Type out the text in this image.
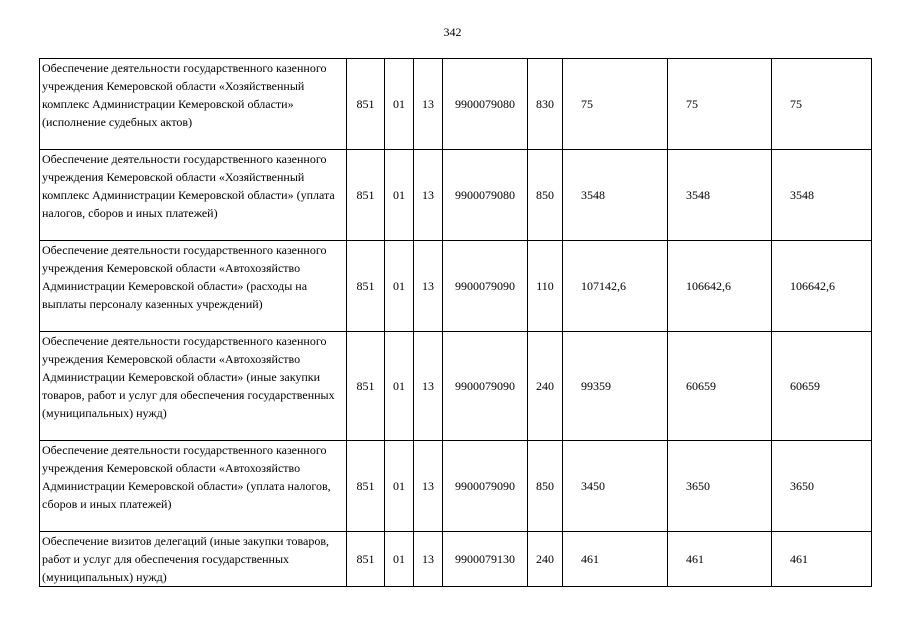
342
Обеспечение деятельности государственного казенного учреждения Кемеровской области «Хозяйственный комплекс Администрации Кемеровской области» (исполнение судебных актов)	851	01	13	9900079080	830	75	75	75
Обеспечение деятельности государственного казенного учреждения Кемеровской области «Хозяйственный комплекс Администрации Кемеровской области» (уплата налогов, сборов и иных платежей)	851	01	13	9900079080	850	3548	3548	3548
Обеспечение деятельности государственного казенного учреждения Кемеровской области «Автохозяйство Администрации Кемеровской области» (расходы на выплаты персоналу казенных учреждений)	851	01	13	9900079090	110	107142,6	106642,6	106642,6
Обеспечение деятельности государственного казенного учреждения Кемеровской области «Автохозяйство Администрации Кемеровской области» (иные закупки товаров, работ и услуг для обеспечения государственных (муниципальных) нужд)	851	01	13	9900079090	240	99359	60659	60659
Обеспечение деятельности государственного казенного учреждения Кемеровской области «Автохозяйство Администрации Кемеровской области» (уплата налогов, сборов и иных платежей)	851	01	13	9900079090	850	3450	3650	3650
Обеспечение визитов делегаций (иные закупки товаров, работ и услуг для обеспечения государственных (муниципальных) нужд)	851	01	13	9900079130	240	461	461	461
